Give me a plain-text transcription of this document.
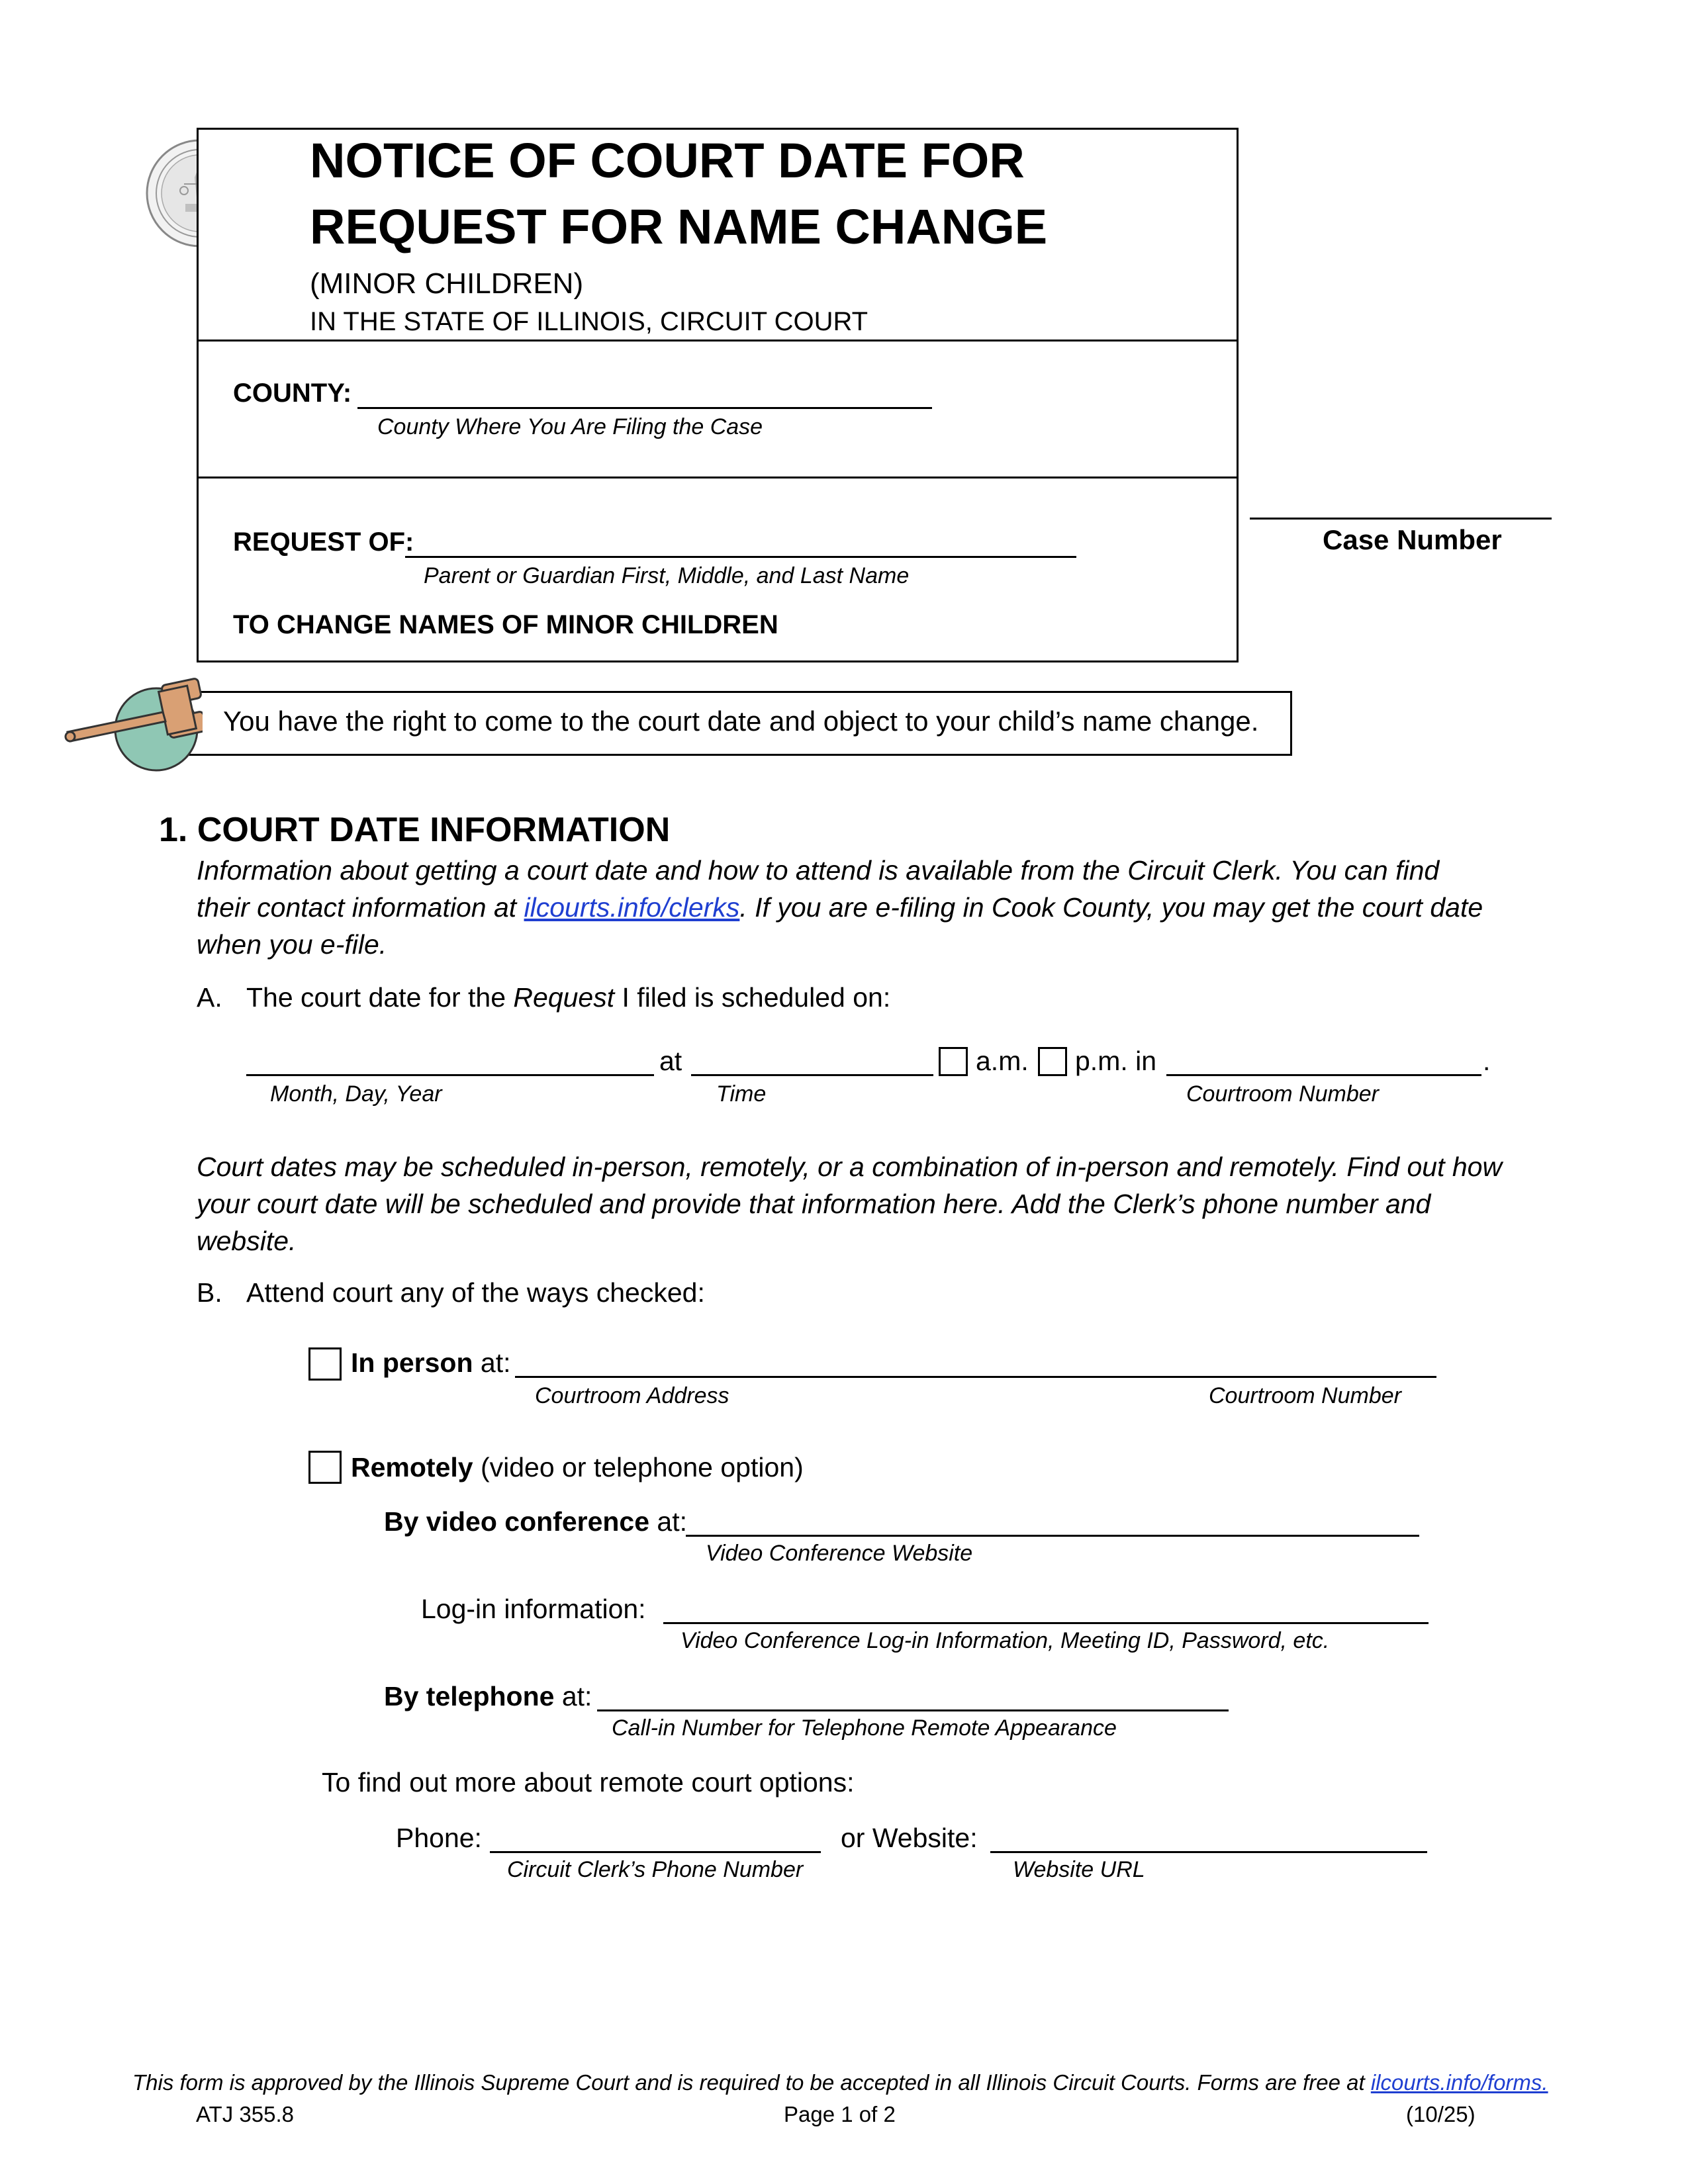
NOTICE OF COURT DATE FOR
REQUEST FOR NAME CHANGE
(MINOR CHILDREN)
IN THE STATE OF ILLINOIS, CIRCUIT COURT
COUNTY:
County Where You Are Filing the Case
REQUEST OF:
Parent or Guardian First, Middle, and Last Name
TO CHANGE NAMES OF MINOR CHILDREN
Case Number
You have the right to come to the court date and object to your child’s name change.
1. COURT DATE INFORMATION
Information about getting a court date and how to attend is available from the Circuit Clerk. You can find
their contact information at ilcourts.info/clerks. If you are e-filing in Cook County, you may get the court date
when you e-file.
A. The court date for the Request I filed is scheduled on:
at	a.m. p.m. in	.
Month, Day, Year	Time	Courtroom Number
Court dates may be scheduled in-person, remotely, or a combination of in-person and remotely. Find out how
your court date will be scheduled and provide that information here. Add the Clerk’s phone number and
website.
B. Attend court any of the ways checked:
In person at:
Courtroom Address	Courtroom Number
Remotely (video or telephone option)
By video conference at:
Video Conference Website
Log-in information:
Video Conference Log-in Information, Meeting ID, Password, etc.
By telephone at:
Call-in Number for Telephone Remote Appearance
To find out more about remote court options:
Phone:	or Website:
Circuit Clerk’s Phone Number	Website URL
This form is approved by the Illinois Supreme Court and is required to be accepted in all Illinois Circuit Courts. Forms are free at ilcourts.info/forms.
ATJ 355.8	Page 1 of 2	(10/25)
